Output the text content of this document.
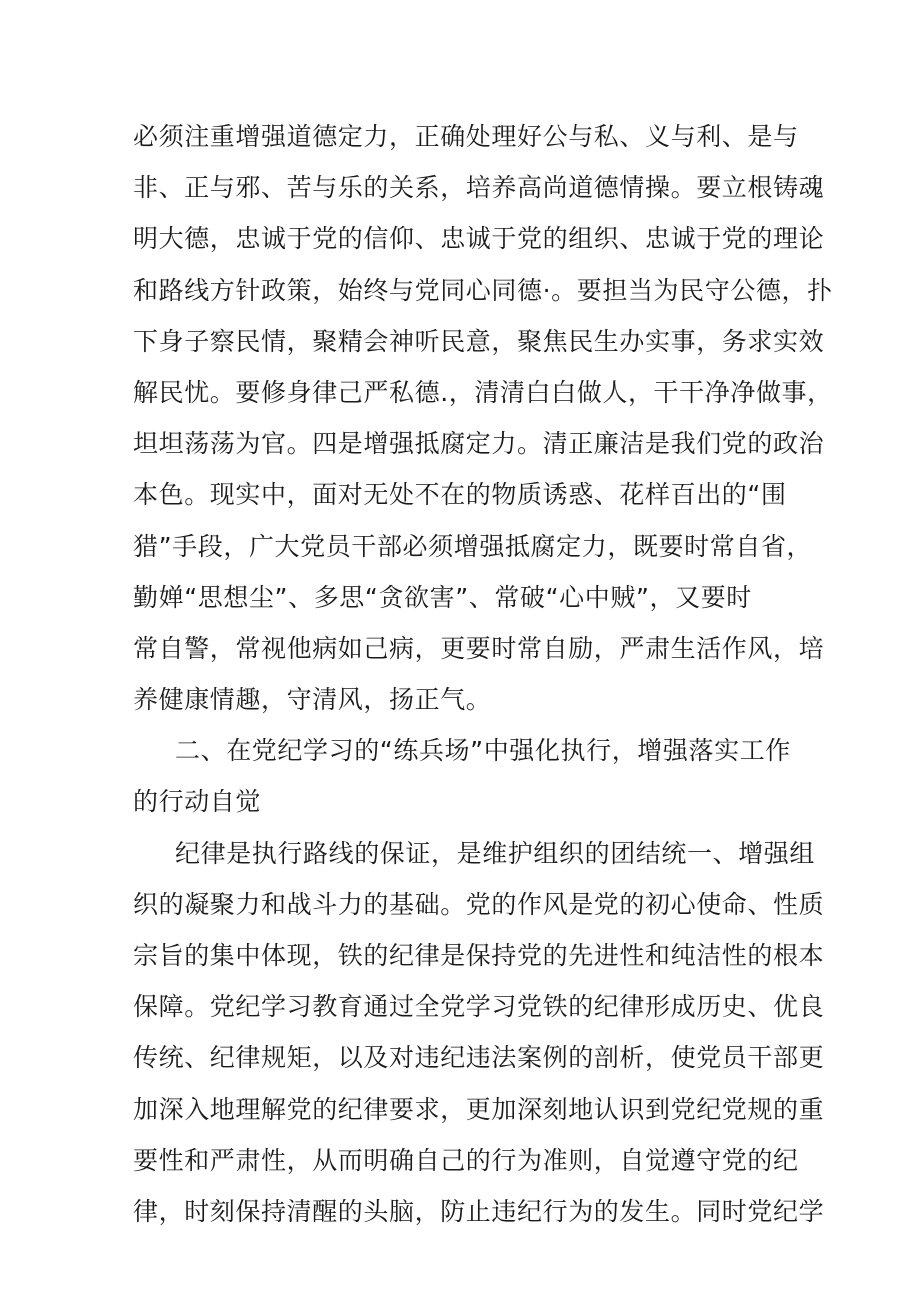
必须注重增强道德定力，正确处理好公与私、义与利、是与
非、正与邪、苦与乐的关系，培养高尚道德情操。要立根铸魂
明大德，忠诚于党的信仰、忠诚于党的组织、忠诚于党的理论
和路线方针政策，始终与党同心同德·。要担当为民守公德，扑
下身子察民情，聚精会神听民意，聚焦民生办实事，务求实效
解民忧。要修身律己严私德.，清清白白做人，干干净净做事，
坦坦荡荡为官。四是增强抵腐定力。清正廉洁是我们党的政治
本色。现实中，面对无处不在的物质诱惑、花样百出的“围
猎”手段，广大党员干部必须增强抵腐定力，既要时常自省，
勤婵“思想尘”、多思“贪欲害”、常破“心中贼”，又要时
常自警，常视他病如己病，更要时常自励，严肃生活作风，培
养健康情趣，守清风，扬正气。
二、在党纪学习的“练兵场”中强化执行，增强落实工作
的行动自觉
纪律是执行路线的保证，是维护组织的团结统一、增强组
织的凝聚力和战斗力的基础。党的作风是党的初心使命、性质
宗旨的集中体现，铁的纪律是保持党的先进性和纯洁性的根本
保障。党纪学习教育通过全党学习党铁的纪律形成历史、优良
传统、纪律规矩，以及对违纪违法案例的剖析，使党员干部更
加深入地理解党的纪律要求，更加深刻地认识到党纪党规的重
要性和严肃性，从而明确自己的行为准则，自觉遵守党的纪
律，时刻保持清醒的头脑，防止违纪行为的发生。同时党纪学
